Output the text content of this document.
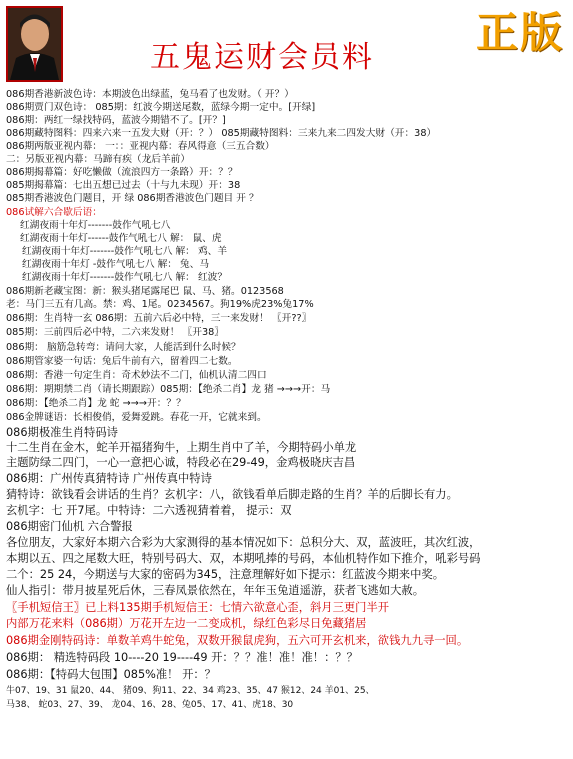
五鬼运财会员料
正版
086期香港新波色诗：本期波色出绿蓝，兔马看了也发财。（ 开？）
086期贾门双色诗： 085期：红波今期送尾数，蓝绿今期一定中。[开绿]
086期：两红一绿找特码，蓝波今期错不了。[开？]
086期藏特图料：四来六来一五发大财（开：？） 085期藏特图料：三来九来二四发大财（开：38）
086期两版亚视内幕： 一：：亚视内幕：春风得意（三五合数）
二：另版亚视内幕：马蹄有疾（龙后羊前）
086期揭幕篇：好吃懒做（流浪四方一条路）开：？？
085期揭幕篇：七出五想已过去（十与九未现）开：38
085期香港波色门题目，开 绿 086期香港波色门题目 开 ？
086试解六合歇后语：
红湖夜雨十年灯-------鼓作气吼七八
红湖夜雨十年灯------鼓作气吼七八 解： 鼠、虎
红湖夜雨十年灯-------鼓作气吼七八 解： 鸡、羊
红湖夜雨十年灯 -鼓作气吼七八 解： 兔、马
红湖夜雨十年灯-------鼓作气吼七八 解： 红波？
086期新老藏宝图：新：猴头猪尾露尾巴 鼠、马、猪。0123568
老：马门三五有几高。禁：鸡、1尾。0234567。狗19%虎23%兔17%
086期：生肖特一玄 086期：五前六后必中特，三一来发财！ 〖开??〗
085期：三前四后必中特，二六来发财！ 〖开38〗
086期： 脑筋急转弯：请问大家，人能活到什么时候？
086期管家婆一句话：兔后牛前有六，留着四二七数。
086期：香港一句定生肖：奇术妙法不二门，仙机认清二四口
086期：期期禁二肖（请长期跟踪）085期：【绝杀二肖】龙 猪 →→→开：马
086期：【绝杀二肖】龙 蛇 →→→开：？？
086金牌谜语：长相俊俏，爱舞爱跳。春花一开，它就来到。
086期极准生肖特码诗
十二生肖在金木，蛇羊开福猪狗牛，上期生肖中了羊，今期特码小单龙
主题防绿二四门，一心一意把心诚，特段必在29-49，金鸡极晓庆吉昌
086期：广州传真猜特诗 广州传真中特诗
猜特诗：欲钱看会讲话的生肖？玄机字：八，欲钱看单后脚走路的生肖？羊的后脚长有力。
玄机字：七 开7尾。中特诗：二六透视猜着着， 提示：双
086期密门仙机 六合警报
各位朋友，大家好本期六合彩为大家测得的基本情况如下：总积分大、双，蓝波旺，其次红波，
本期以五、四之尾数大旺，特别号码大、双，本期吼捧的号码，本仙机特作如下推介，吼彩号码
二个：25 24，今期送与大家的密码为345，注意理解好如下提示：红蓝波今期来中奖。
仙人指引：带月披星死后休，三春凤景依然在，年年玉兔逍遥游，获者飞逃如大赦。
〖手机短信王〗已上料135期手机短信王：七情六欲意心歪，斜月三更门半开
内部万花来料（086期）万花开左边一二变成机，绿红色彩尽日免藏猪居
086期金刚特码诗：单数羊鸡牛蛇兔，双数开猴鼠虎狗，五六可开玄机来，欲钱九九寻一回。
086期： 精选特码段 10----20 19----49 开：？？准！准！准！：？？
086期：【特码大包围】085%准！ 开：？
牛07、19、31 鼠20、44、 猪09、狗11、22、34 鸡23、35、47 猴12、24 羊01、25、
马38、 蛇03、27、39、 龙04、16、28、兔05、17、41、虎18、30
